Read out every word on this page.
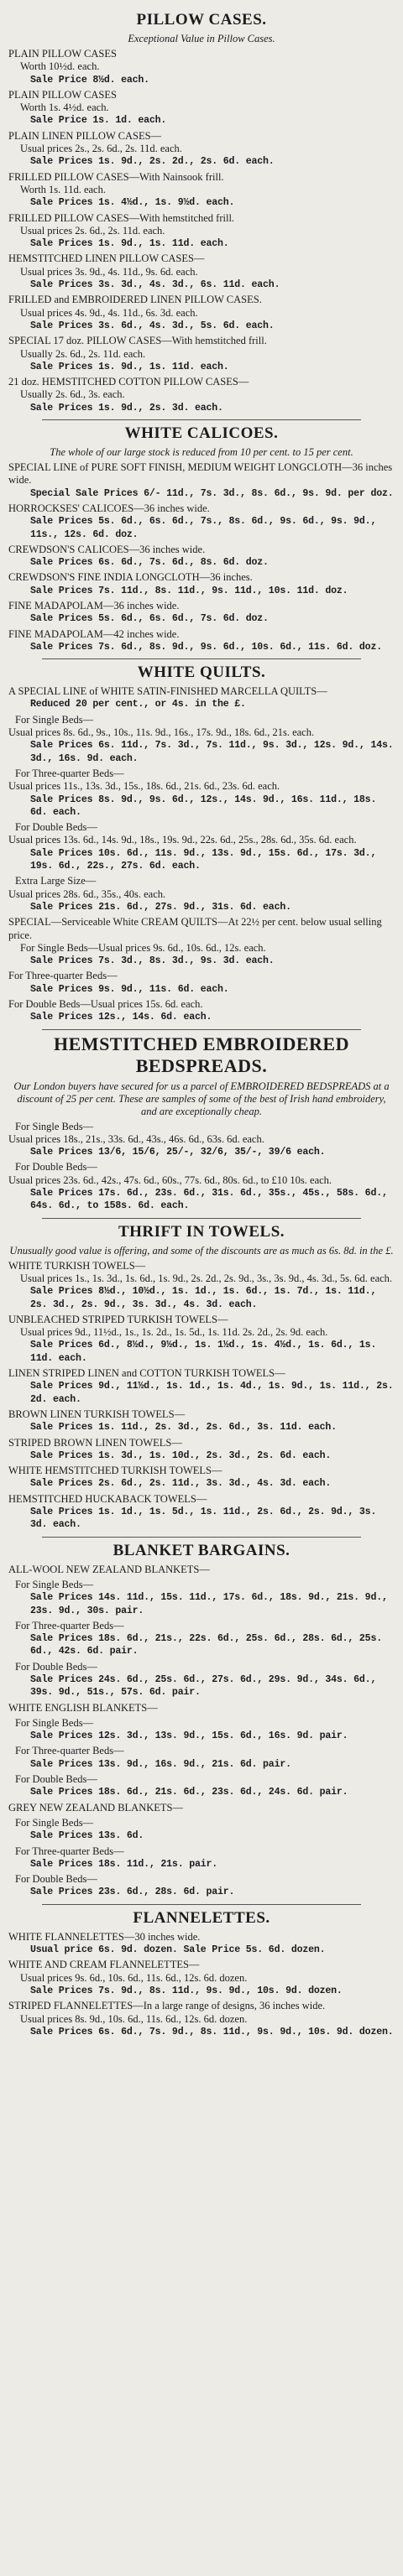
PILLOW CASES.
Exceptional Value in Pillow Cases.
PLAIN PILLOW CASES
Worth 10½d. each.
Sale Price 8½d. each.
PLAIN PILLOW CASES
Worth 1s. 4½d. each.
Sale Price 1s. 1d. each.
PLAIN LINEN PILLOW CASES—
Usual prices 2s., 2s. 6d., 2s. 11d. each.
Sale Prices 1s. 9d., 2s. 2d., 2s. 6d. each.
FRILLED PILLOW CASES—With Nainsook frill.
Worth 1s. 11d. each.
Sale Prices 1s. 4½d., 1s. 9½d. each.
FRILLED PILLOW CASES—With hemstitched frill.
Usual prices 2s. 6d., 2s. 11d. each.
Sale Prices 1s. 9d., 1s. 11d. each.
HEMSTITCHED LINEN PILLOW CASES—
Usual prices 3s. 9d., 4s. 11d., 9s. 6d. each.
Sale Prices 3s. 3d., 4s. 3d., 6s. 11d. each.
FRILLED and EMBROIDERED LINEN PILLOW CASES.
Usual prices 4s. 9d., 4s. 11d., 6s. 3d. each.
Sale Prices 3s. 6d., 4s. 3d., 5s. 6d. each.
SPECIAL 17 doz. PILLOW CASES—With hemstitched frill.
Usually 2s. 6d., 2s. 11d. each.
Sale Prices 1s. 9d., 1s. 11d. each.
21 doz. HEMSTITCHED COTTON PILLOW CASES—
Usually 2s. 6d., 3s. each.
Sale Prices 1s. 9d., 2s. 3d. each.
WHITE CALICOES.
The whole of our large stock is reduced from 10 per cent. to 15 per cent.
SPECIAL LINE of PURE SOFT FINISH, MEDIUM WEIGHT LONGCLOTH—36 inches wide.
Special Sale Prices 6/- 11d., 7s. 3d., 8s. 6d., 9s. 9d. per doz.
HORROCKSES' CALICOES—36 inches wide.
Sale Prices 5s. 6d., 6s. 6d., 7s., 8s. 6d., 9s. 6d., 9s. 9d., 11s., 12s. 6d. doz.
CREWDSON'S CALICOES—36 inches wide.
Sale Prices 6s. 6d., 7s. 6d., 8s. 6d. doz.
CREWDSON'S FINE INDIA LONGCLOTH—36 inches.
Sale Prices 7s. 11d., 8s. 11d., 9s. 11d., 10s. 11d. doz.
FINE MADAPOLAM—36 inches wide.
Sale Prices 5s. 6d., 6s. 6d., 7s. 6d. doz.
FINE MADAPOLAM—42 inches wide.
Sale Prices 7s. 6d., 8s. 9d., 9s. 6d., 10s. 6d., 11s. 6d. doz.
WHITE QUILTS.
A SPECIAL LINE of WHITE SATIN-FINISHED MARCELLA QUILTS—
Reduced 20 per cent., or 4s. in the £.
For Single Beds—
Usual prices 8s. 6d., 9s., 10s., 11s. 9d., 16s., 17s. 9d., 18s. 6d., 21s. each.
Sale Prices 6s. 11d., 7s. 3d., 7s. 11d., 9s. 3d., 12s. 9d., 14s. 3d., 16s. 9d. each.
For Three-quarter Beds—
Usual prices 11s., 13s. 3d., 15s., 18s. 6d., 21s. 6d., 23s. 6d. each.
Sale Prices 8s. 9d., 9s. 6d., 12s., 14s. 9d., 16s. 11d., 18s. 6d. each.
For Double Beds—
Usual prices 13s. 6d., 14s. 9d., 18s., 19s. 9d., 22s. 6d., 25s., 28s. 6d., 35s. 6d. each.
Sale Prices 10s. 6d., 11s. 9d., 13s. 9d., 15s. 6d., 17s. 3d., 19s. 6d., 22s., 27s. 6d. each.
Extra Large Size—
Usual prices 28s. 6d., 35s., 40s. each.
Sale Prices 21s. 6d., 27s. 9d., 31s. 6d. each.
SPECIAL—Serviceable White CREAM QUILTS—At 22½ per cent. below usual selling price.
For Single Beds—Usual prices 9s. 6d., 10s. 6d., 12s. each.
Sale Prices 7s. 3d., 8s. 3d., 9s. 3d. each.
For Three-quarter Beds—
Sale Prices 9s. 9d., 11s. 6d. each.
For Double Beds—Usual prices 15s. 6d. each.
Sale Prices 12s., 14s. 6d. each.
HEMSTITCHED EMBROIDERED BEDSPREADS.
Our London buyers have secured for us a parcel of EMBROIDERED BEDSPREADS at a discount of 25 per cent. These are samples of some of the best of Irish hand embroidery, and are exceptionally cheap.
For Single Beds—
Usual prices 18s., 21s., 33s. 6d., 43s., 46s. 6d., 63s. 6d. each.
Sale Prices 13/6, 15/6, 25/-, 32/6, 35/-, 39/6 each.
For Double Beds—
Usual prices 23s. 6d., 42s., 47s. 6d., 60s., 77s. 6d., 80s. 6d., to £10 10s. each.
Sale Prices 17s. 6d., 23s. 6d., 31s. 6d., 35s., 45s., 58s. 6d., 64s. 6d., to 158s. 6d. each.
THRIFT IN TOWELS.
Unusually good value is offering, and some of the discounts are as much as 6s. 8d. in the £.
WHITE TURKISH TOWELS—
Usual prices 1s., 1s. 3d., 1s. 6d., 1s. 9d., 2s. 2d., 2s. 9d., 3s., 3s. 9d., 4s. 3d., 5s. 6d. each.
Sale Prices 8½d., 10½d., 1s. 1d., 1s. 6d., 1s. 7d., 1s. 11d., 2s. 3d., 2s. 9d., 3s. 3d., 4s. 3d. each.
UNBLEACHED STRIPED TURKISH TOWELS—
Usual prices 9d., 11½d., 1s., 1s. 2d., 1s. 5d., 1s. 11d. 2s. 2d., 2s. 9d. each.
Sale Prices 6d., 8½d., 9½d., 1s. 1½d., 1s. 4½d., 1s. 6d., 1s. 11d. each.
LINEN STRIPED LINEN and COTTON TURKISH TOWELS—
Sale Prices 9d., 11½d., 1s. 1d., 1s. 4d., 1s. 9d., 1s. 11d., 2s. 2d. each.
BROWN LINEN TURKISH TOWELS—
Sale Prices 1s. 11d., 2s. 3d., 2s. 6d., 3s. 11d. each.
STRIPED BROWN LINEN TOWELS—
Sale Prices 1s. 3d., 1s. 10d., 2s. 3d., 2s. 6d. each.
WHITE HEMSTITCHED TURKISH TOWELS—
Sale Prices 2s. 6d., 2s. 11d., 3s. 3d., 4s. 3d. each.
HEMSTITCHED HUCKABACK TOWELS—
Sale Prices 1s. 1d., 1s. 5d., 1s. 11d., 2s. 6d., 2s. 9d., 3s. 3d. each.
BLANKET BARGAINS.
ALL-WOOL NEW ZEALAND BLANKETS—
For Single Beds—
Sale Prices 14s. 11d., 15s. 11d., 17s. 6d., 18s. 9d., 21s. 9d., 23s. 9d., 30s. pair.
For Three-quarter Beds—
Sale Prices 18s. 6d., 21s., 22s. 6d., 25s. 6d., 28s. 6d., 25s. 6d., 42s. 6d. pair.
For Double Beds—
Sale Prices 24s. 6d., 25s. 6d., 27s. 6d., 29s. 9d., 34s. 6d., 39s. 9d., 51s., 57s. 6d. pair.
WHITE ENGLISH BLANKETS—
For Single Beds—
Sale Prices 12s. 3d., 13s. 9d., 15s. 6d., 16s. 9d. pair.
For Three-quarter Beds—
Sale Prices 13s. 9d., 16s. 9d., 21s. 6d. pair.
For Double Beds—
Sale Prices 18s. 6d., 21s. 6d., 23s. 6d., 24s. 6d. pair.
GREY NEW ZEALAND BLANKETS—
For Single Beds—
Sale Prices 13s. 6d.
For Three-quarter Beds—
Sale Prices 18s. 11d., 21s. pair.
For Double Beds—
Sale Prices 23s. 6d., 28s. 6d. pair.
FLANNELETTES.
WHITE FLANNELETTES—30 inches wide.
Usual price 6s. 9d. dozen. Sale Price 5s. 6d. dozen.
WHITE AND CREAM FLANNELETTES—
Usual prices 9s. 6d., 10s. 6d., 11s. 6d., 12s. 6d. dozen.
Sale Prices 7s. 9d., 8s. 11d., 9s. 9d., 10s. 9d. dozen.
STRIPED FLANNELETTES—In a large range of designs, 36 inches wide.
Usual prices 8s. 9d., 10s. 6d., 11s. 6d., 12s. 6d. dozen.
Sale Prices 6s. 6d., 7s. 9d., 8s. 11d., 9s. 9d., 10s. 9d. dozen.
